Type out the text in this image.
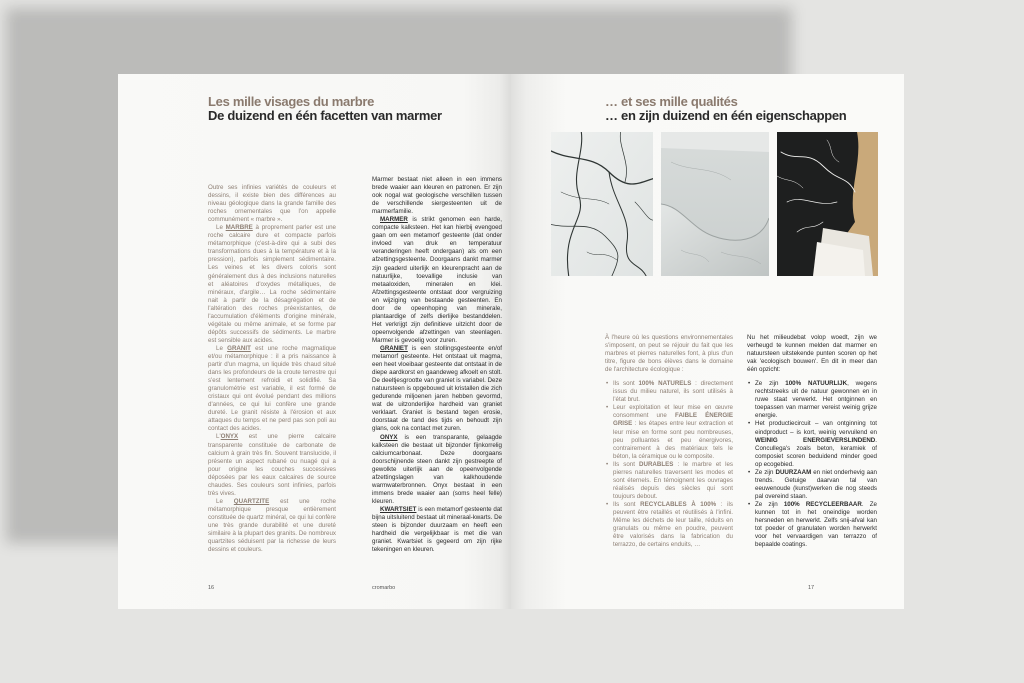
Les mille visages du marbre
De duizend en één facetten van marmer

Outre ses infinies variétés de couleurs et dessins, il existe bien des différences au niveau géologique dans la grande famille des roches ornementales que l'on appelle communément « marbre ».

Le MARBRE à proprement parler est une roche calcaire dure et compacte parfois métamorphique (c'est-à-dire qui a subi des transformations dues à la température et à la pression), parfois simplement sédimentaire. Les veines et les divers coloris sont généralement dus à des inclusions naturelles et aléatoires d'oxydes métalliques, de minéraux, d'argile… La roche sédimentaire nait à partir de la désagrégation et de l'altération des roches préexistantes, de l'accumulation d'éléments d'origine minérale, végétale ou même animale, et se forme par dépôts successifs de sédiments. Le marbre est sensible aux acides.

Le GRANIT est une roche magmatique et/ou métamorphique : il a pris naissance à partir d'un magma, un liquide très chaud situé dans les profondeurs de la croute terrestre qui s'est lentement refroidi et solidifié. Sa granulométrie est variable, il est formé de cristaux qui ont évolué pendant des millions d'années, ce qui lui confère une grande dureté. Le granit résiste à l'érosion et aux attaques du temps et ne perd pas son poli au contact des acides.

L'ONYX est une pierre calcaire transparente constituée de carbonate de calcium à grain très fin. Souvent translucide, il présente un aspect rubané ou nuagé qui a pour origine les couches successives déposées par les eaux calcaires de source chaudes. Ses couleurs sont infinies, parfois très vives.

Le QUARTZITE est une roche métamorphique presque entièrement constituée de quartz minéral, ce qui lui confère une très grande durabilité et une dureté similaire à la plupart des granits. De nombreux quartzites séduisent par la richesse de leurs dessins et couleurs.

Marmer bestaat niet alleen in een immens brede waaier aan kleuren en patronen. Er zijn ook nogal wat geologische verschillen tussen de verschillende siergesteenten uit de marmerfamilie.

MARMER is strikt genomen een harde, compacte kalksteen. Het kan hierbij evengoed gaan om een metamorf gesteente (dat onder invloed van druk en temperatuur veranderingen heeft ondergaan) als om een afzettingsgesteente. Doorgaans dankt marmer zijn geaderd uiterlijk en kleurenpracht aan de natuurlijke, toevallige inclusie van metaaloxiden, mineralen en klei. Afzettingsgesteente ontstaat door vergruizing en wijziging van bestaande gesteenten. En door de opeenhoping van minerale, plantaardige of zelfs dierlijke bestanddelen. Het verkrijgt zijn definitieve uitzicht door de opeenvolgende afzettingen van steenlagen. Marmer is gevoelig voor zuren.

GRANIET is een stollingsgesteente en/of metamorf gesteente. Het ontstaat uit magma, een heet vloeibaar gesteente dat ontstaat in de diepe aardkorst en gaandeweg afkoelt en stolt. De deeltjesgrootte van graniet is variabel. Deze natuursteen is opgebouwd uit kristallen die zich gedurende miljoenen jaren hebben gevormd, wat de uitzonderlijke hardheid van graniet verklaart. Graniet is bestand tegen erosie, doorstaat de tand des tijds en behoudt zijn glans, ook na contact met zuren.

ONYX is een transparante, gelaagde kalksteen die bestaat uit bijzonder fijnkorrelig calciumcarbonaat. Deze doorgaans doorschijnende steen dankt zijn gestreepte of gewolkte uiterlijk aan de opeenvolgende afzettingslagen van kalkhoudende warmwaterbronnen. Onyx bestaat in een immens brede waaier aan (soms heel felle) kleuren.

KWARTSIET is een metamorf gesteente dat bijna uitsluitend bestaat uit mineraal-kwarts. De steen is bijzonder duurzaam en heeft een hardheid die vergelijkbaar is met die van graniet. Kwartsiet is gegeerd om zijn rijke tekeningen en kleuren.

16	cromarbo
… et ses mille qualités
… en zijn duizend en één eigenschappen

À l'heure où les questions environnementales s'imposent, on peut se réjouir du fait que les marbres et pierres naturelles font, à plus d'un titre, figure de bons élèves dans le domaine de l'architecture écologique :

• Ils sont 100% NATURELS : directement issus du milieu naturel, ils sont utilisés à l'état brut.
• Leur exploitation et leur mise en œuvre consomment une FAIBLE ÉNERGIE GRISE : les étapes entre leur extraction et leur mise en forme sont peu nombreuses, peu polluantes et peu énergivores, contrairement à des matériaux tels le béton, la céramique ou le composite.
• Ils sont DURABLES : le marbre et les pierres naturelles traversent les modes et sont éternels. En témoignent les ouvrages réalisés depuis des siècles qui sont toujours debout.
• Ils sont RECYCLABLES À 100% : ils peuvent être retaillés et réutilisés à l'infini. Même les déchets de leur taille, réduits en granulats ou même en poudre, peuvent être valorisés dans la fabrication du terrazzo, de certains enduits, …

Nu het milieudebat volop woedt, zijn we verheugd te kunnen melden dat marmer en natuursteen uitstekende punten scoren op het vak 'ecologisch bouwen'. En dit in meer dan één opzicht:

• Ze zijn 100% NATUURLIJK, wegens rechtstreeks uit de natuur gewonnen en in ruwe staat verwerkt. Het ontginnen en toepassen van marmer vereist weinig grijze energie.
• Het productiecircuit – van ontginning tot eindproduct – is kort, weinig vervuilend en WEINIG ENERGIEVERSLINDEND. Concullega's zoals beton, keramiek of composiet scoren beduidend minder goed op ecogebied.
• Ze zijn DUURZAAM en niet onderhevig aan trends. Getuige daarvan tal van eeuwenoude (kunst)werken die nog steeds pal overeind staan.
• Ze zijn 100% RECYCLEERBAAR. Ze kunnen tot in het oneindige worden hersneden en herwerkt. Zelfs snij-afval kan tot poeder of granulaten worden herwerkt voor het vervaardigen van terrazzo of bepaalde coatings.
17
